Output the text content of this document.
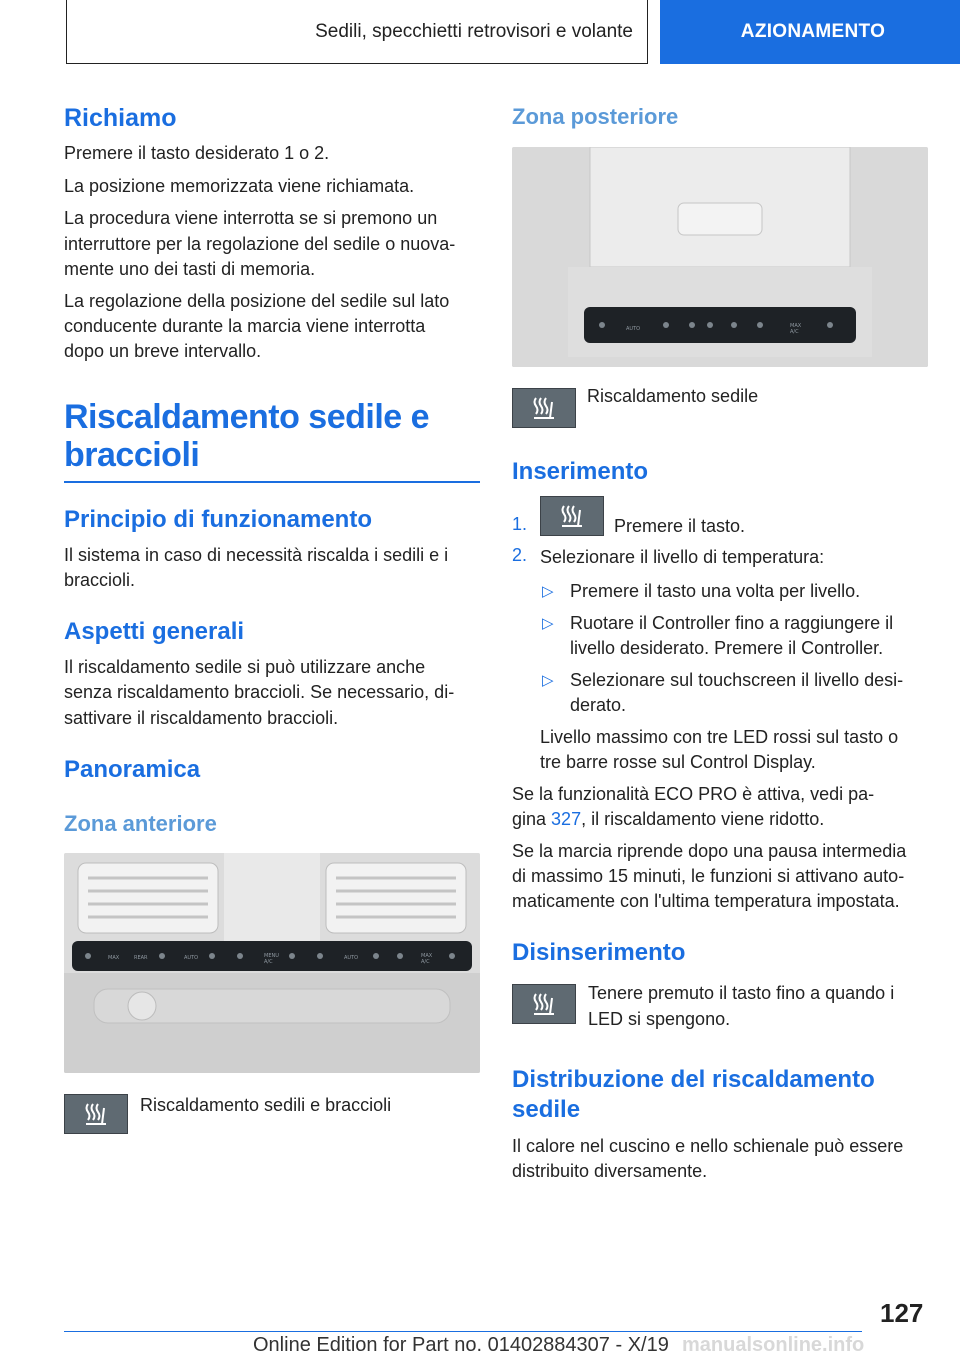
Sedili, specchietti retrovisori e volante	AZIONAMENTO
Richiamo

Premere il tasto desiderato 1 o 2.

La posizione memorizzata viene richiamata.

La procedura viene interrotta se si premono un

interruttore per la regolazione del sedile o nuova-

mente uno dei tasti di memoria.

La regolazione della posizione del sedile sul lato

conducente durante la marcia viene interrotta

dopo un breve intervallo.

Riscaldamento sedile e
braccioli
Principio di funzionamento

Il sistema in caso di necessità riscalda i sedili e i

braccioli.

Aspetti generali

Il riscaldamento sedile si può utilizzare anche

senza riscaldamento braccioli. Se necessario, di-

sattivare il riscaldamento braccioli.

Panoramica
Zona anteriore
MAX	REAR	AUTO	MENU
A/C
AUTO	MAX
A/C

Riscaldamento sedili e braccioli

Zona posteriore
AUTO	MAX
A/C

Riscaldamento sedile

Inserimento
1.	Premere il tasto.

2. Selezionare il livello di temperatura:

▷ Premere il tasto una volta per livello.

▷ Ruotare il Controller fino a raggiungere il

livello desiderato. Premere il Controller.

▷ Selezionare sul touchscreen il livello desi-

derato.

Livello massimo con tre LED rossi sul tasto o

tre barre rosse sul Control Display.

Se la funzionalità ECO PRO è attiva, vedi pa-

gina 327, il riscaldamento viene ridotto.

Se la marcia riprende dopo una pausa intermedia

di massimo 15 minuti, le funzioni si attivano auto-

maticamente con l'ultima temperatura impostata.

Disinserimento

Tenere premuto il tasto fino a quando i

LED si spengono.

Distribuzione del riscaldamento
sedile

Il calore nel cuscino e nello schienale può essere

distribuito diversamente.

127
Online Edition for Part no. 01402884307 - X/19 manualsonline.info
